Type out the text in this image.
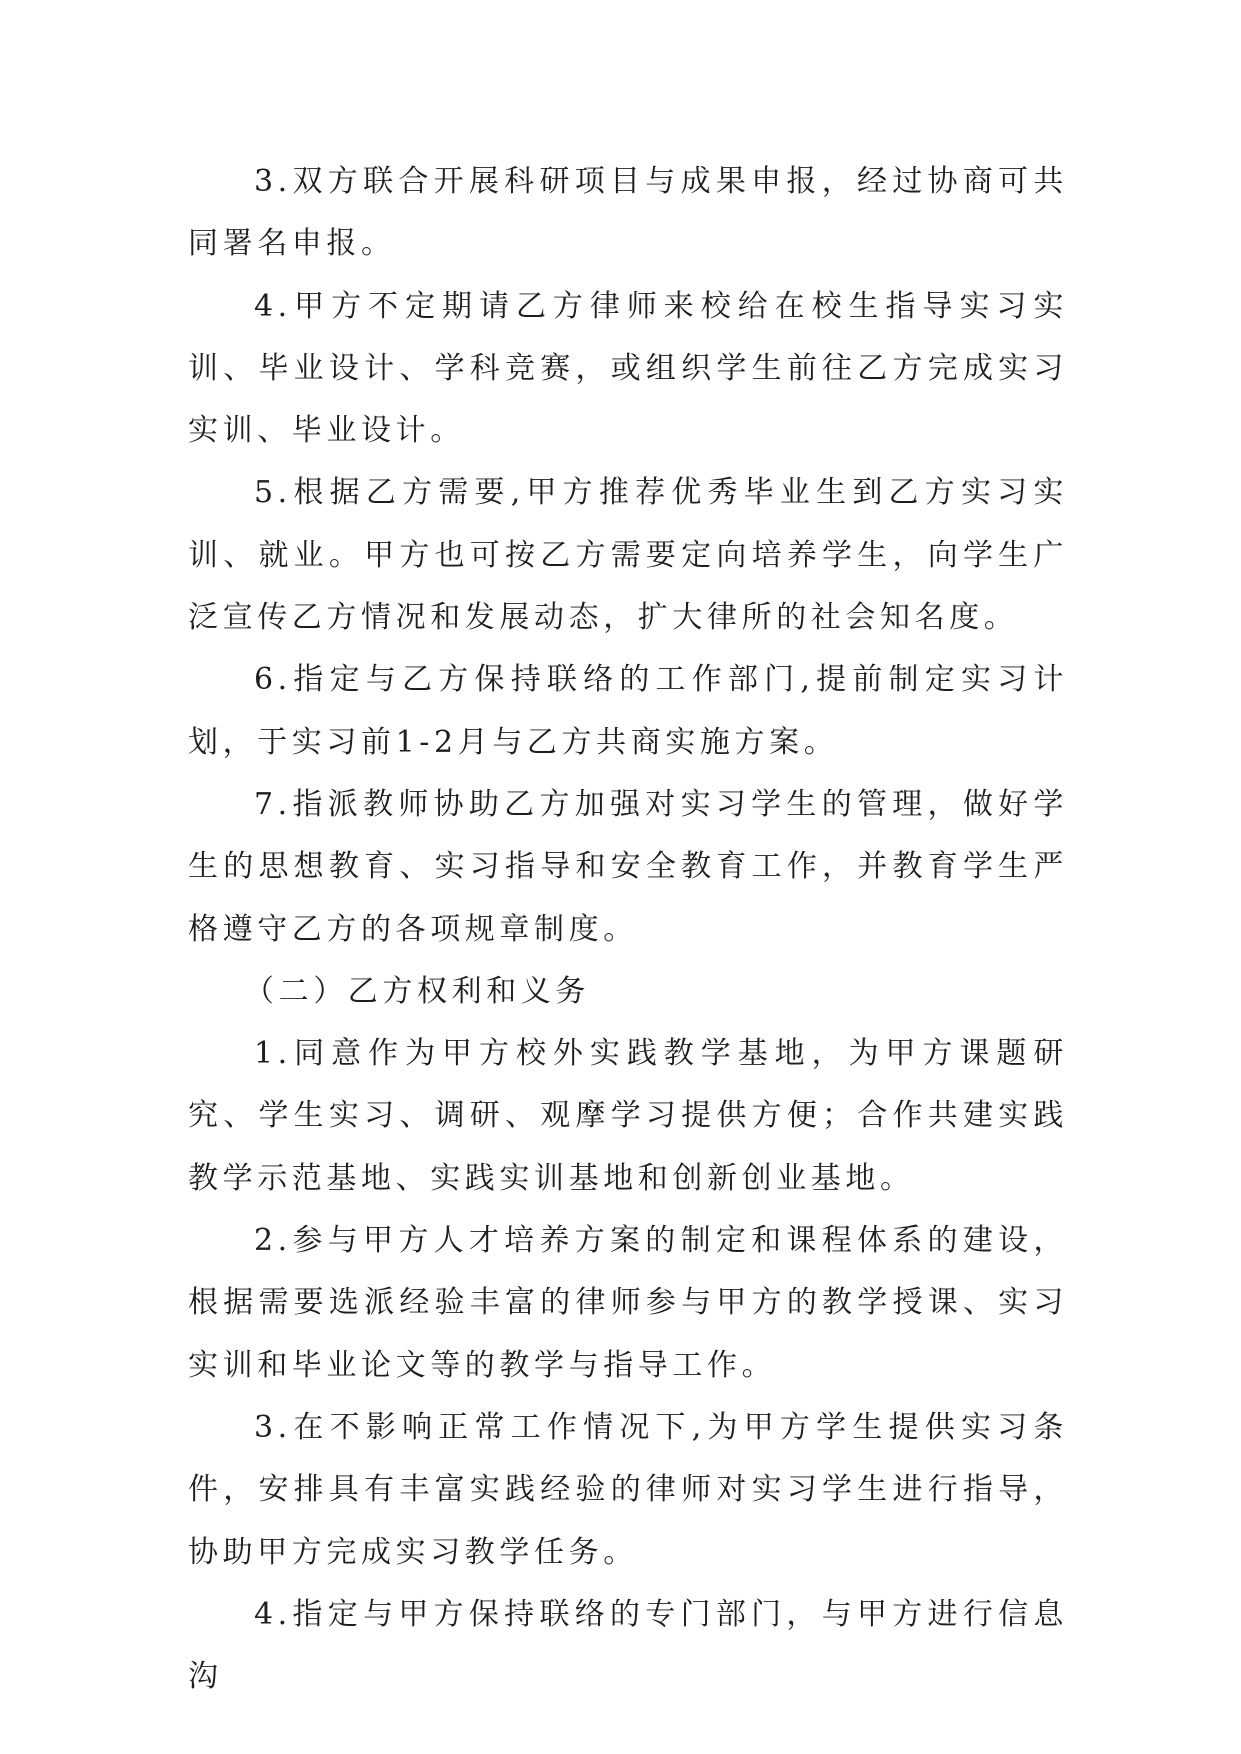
3.双方联合开展科研项目与成果申报，经过协商可共同署名申报。

4.甲方不定期请乙方律师来校给在校生指导实习实训、毕业设计、学科竞赛，或组织学生前往乙方完成实习实训、毕业设计。

5.根据乙方需要,甲方推荐优秀毕业生到乙方实习实训、就业。甲方也可按乙方需要定向培养学生，向学生广泛宣传乙方情况和发展动态，扩大律所的社会知名度。

6.指定与乙方保持联络的工作部门,提前制定实习计划，于实习前1-2月与乙方共商实施方案。

7.指派教师协助乙方加强对实习学生的管理，做好学生的思想教育、实习指导和安全教育工作，并教育学生严格遵守乙方的各项规章制度。

（二）乙方权利和义务

1.同意作为甲方校外实践教学基地，为甲方课题研究、学生实习、调研、观摩学习提供方便；合作共建实践教学示范基地、实践实训基地和创新创业基地。

2.参与甲方人才培养方案的制定和课程体系的建设，根据需要选派经验丰富的律师参与甲方的教学授课、实习实训和毕业论文等的教学与指导工作。

3.在不影响正常工作情况下,为甲方学生提供实习条件，安排具有丰富实践经验的律师对实习学生进行指导，协助甲方完成实习教学任务。

4.指定与甲方保持联络的专门部门，与甲方进行信息沟
